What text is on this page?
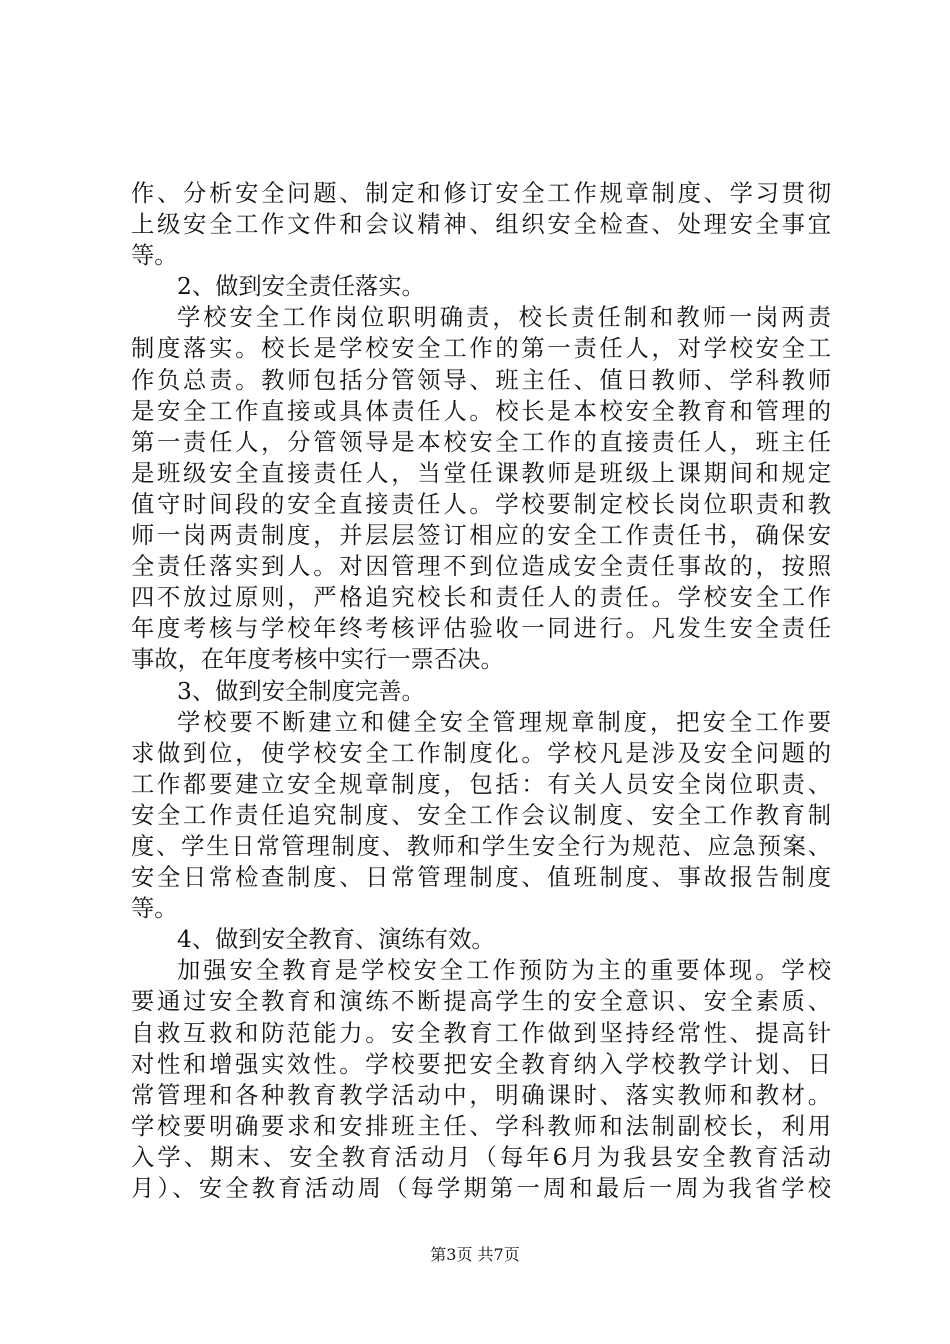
作、分析安全问题、制定和修订安全工作规章制度、学习贯彻
上级安全工作文件和会议精神、组织安全检查、处理安全事宜
等。
2、做到安全责任落实。
学校安全工作岗位职明确责，校长责任制和教师一岗两责
制度落实。校长是学校安全工作的第一责任人，对学校安全工
作负总责。教师包括分管领导、班主任、值日教师、学科教师
是安全工作直接或具体责任人。校长是本校安全教育和管理的
第一责任人，分管领导是本校安全工作的直接责任人，班主任
是班级安全直接责任人，当堂任课教师是班级上课期间和规定
值守时间段的安全直接责任人。学校要制定校长岗位职责和教
师一岗两责制度，并层层签订相应的安全工作责任书，确保安
全责任落实到人。对因管理不到位造成安全责任事故的，按照
四不放过原则，严格追究校长和责任人的责任。学校安全工作
年度考核与学校年终考核评估验收一同进行。凡发生安全责任
事故，在年度考核中实行一票否决。
3、做到安全制度完善。
学校要不断建立和健全安全管理规章制度，把安全工作要
求做到位，使学校安全工作制度化。学校凡是涉及安全问题的
工作都要建立安全规章制度，包括：有关人员安全岗位职责、
安全工作责任追究制度、安全工作会议制度、安全工作教育制
度、学生日常管理制度、教师和学生安全行为规范、应急预案、
安全日常检查制度、日常管理制度、值班制度、事故报告制度
等。
4、做到安全教育、演练有效。
加强安全教育是学校安全工作预防为主的重要体现。学校
要通过安全教育和演练不断提高学生的安全意识、安全素质、
自救互救和防范能力。安全教育工作做到坚持经常性、提高针
对性和增强实效性。学校要把安全教育纳入学校教学计划、日
常管理和各种教育教学活动中，明确课时、落实教师和教材。
学校要明确要求和安排班主任、学科教师和法制副校长，利用
入学、期末、安全教育活动月（每年6月为我县安全教育活动
月）、安全教育活动周（每学期第一周和最后一周为我省学校
第3页 共7页
